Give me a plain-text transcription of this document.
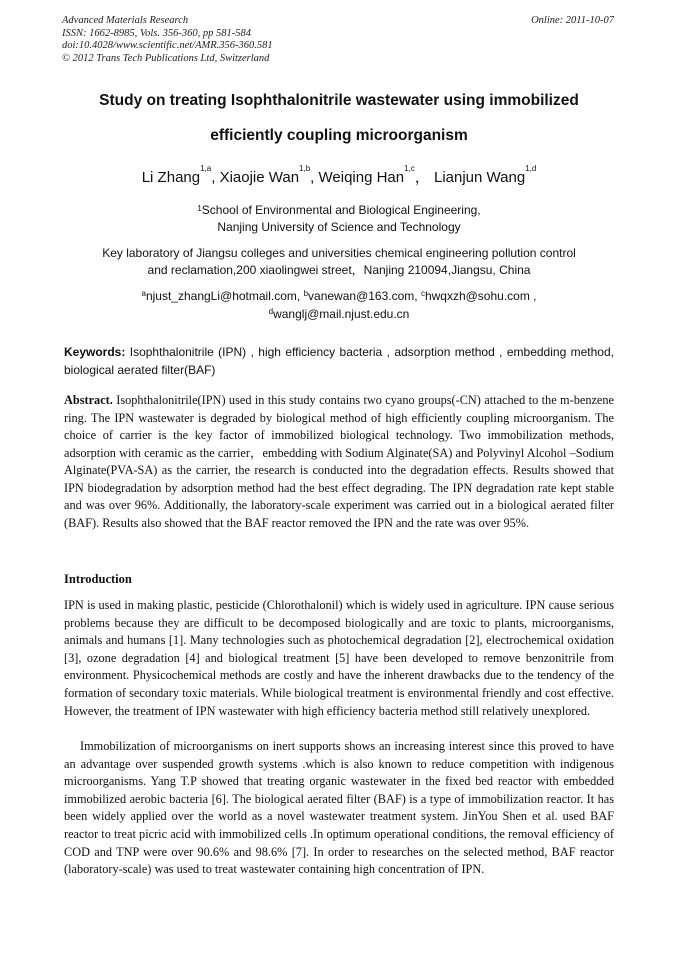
Advanced Materials Research
ISSN: 1662-8985, Vols. 356-360, pp 581-584
doi:10.4028/www.scientific.net/AMR.356-360.581
© 2012 Trans Tech Publications Ltd, Switzerland
Online: 2011-10-07
Study on treating Isophthalonitrile wastewater using immobilized
efficiently coupling microorganism
Li Zhang$^{1,a}$, Xiaojie Wan$^{1,b}$, Weiqing Han$^{1,c}$， Lianjun Wang$^{1,d}$
$^1$School of Environmental and Biological Engineering,
Nanjing University of Science and Technology
Key laboratory of Jiangsu colleges and universities chemical engineering pollution control
and reclamation,200 xiaolingwei street，Nanjing 210094,Jiangsu, China
$^a$njust_zhangLi@hotmail.com, $^b$vanewan@163.com, $^c$hwqxzh@sohu.com ,
$^d$wanglj@mail.njust.edu.cn
Keywords: Isophthalonitrile (IPN) , high efficiency bacteria , adsorption method , embedding method, biological aerated filter(BAF)
Abstract. Isophthalonitrile(IPN) used in this study contains two cyano groups(-CN) attached to the m-benzene ring. The IPN wastewater is degraded by biological method of high efficiently coupling microorganism. The choice of carrier is the key factor of immobilized biological technology. Two immobilization methods, adsorption with ceramic as the carrier，embedding with Sodium Alginate(SA) and Polyvinyl Alcohol –Sodium Alginate(PVA-SA) as the carrier, the research is conducted into the degradation effects. Results showed that IPN biodegradation by adsorption method had the best effect degrading. The IPN degradation rate kept stable and was over 96%. Additionally, the laboratory-scale experiment was carried out in a biological aerated filter (BAF). Results also showed that the BAF reactor removed the IPN and the rate was over 95%.
Introduction
IPN is used in making plastic, pesticide (Chlorothalonil) which is widely used in agriculture. IPN cause serious problems because they are difficult to be decomposed biologically and are toxic to plants, microorganisms, animals and humans [1]. Many technologies such as photochemical degradation [2], electrochemical oxidation [3], ozone degradation [4] and biological treatment [5] have been developed to remove benzonitrile from environment. Physicochemical methods are costly and have the inherent drawbacks due to the tendency of the formation of secondary toxic materials. While biological treatment is environmental friendly and cost effective. However, the treatment of IPN wastewater with high efficiency bacteria method still relatively unexplored.
Immobilization of microorganisms on inert supports shows an increasing interest since this proved to have an advantage over suspended growth systems .which is also known to reduce competition with indigenous microorganisms. Yang T.P showed that treating organic wastewater in the fixed bed reactor with embedded immobilized aerobic bacteria [6]. The biological aerated filter (BAF) is a type of immobilization reactor. It has been widely applied over the world as a novel wastewater treatment system. JinYou Shen et al. used BAF reactor to treat picric acid with immobilized cells .In optimum operational conditions, the removal efficiency of COD and TNP were over 90.6% and 98.6% [7]. In order to researches on the selected method, BAF reactor (laboratory-scale) was used to treat wastewater containing high concentration of IPN.
